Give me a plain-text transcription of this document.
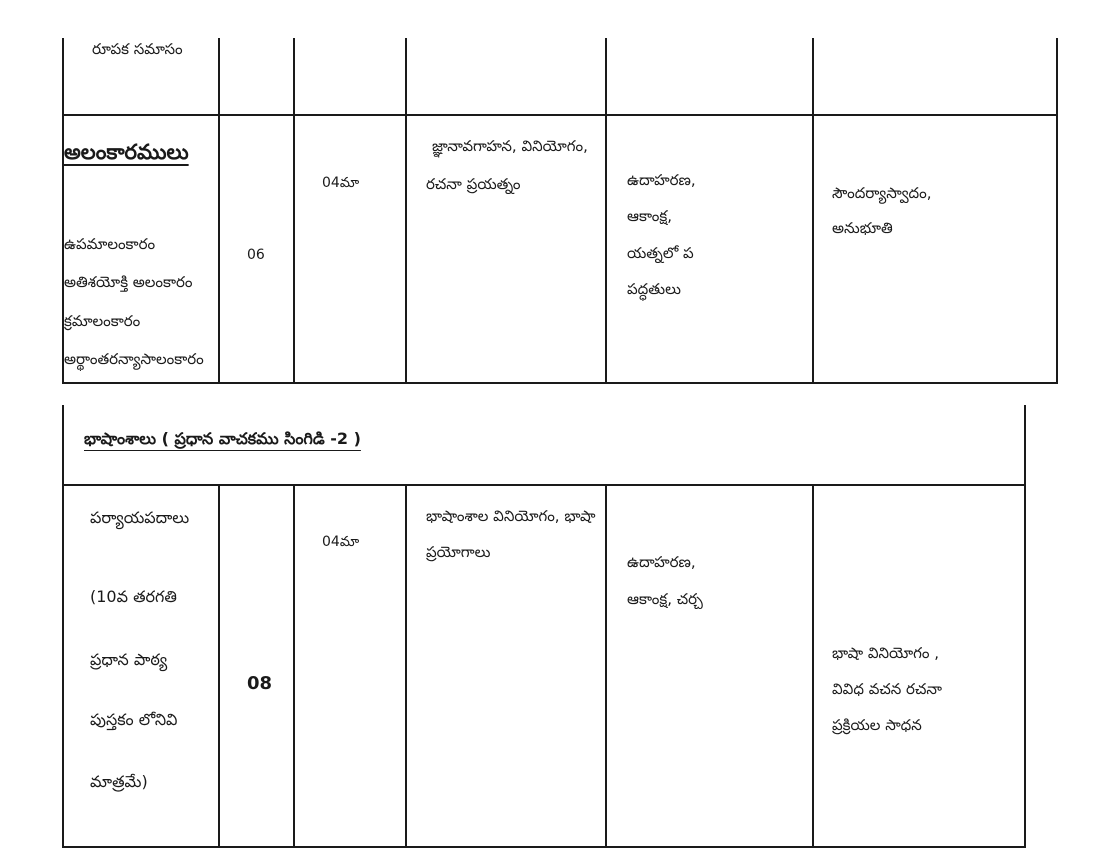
రూపక సమాసం
అలంకారములు
ఉపమాలంకారం
అతిశయోక్తి అలంకారం
క్రమాలంకారం
అర్థాంతరన్యాసాలంకారం
06
04మా
జ్ఞానావగాహన, వినియోగం,
రచనా ప్రయత్నం	ఉదాహరణ,
ఆకాంక్ష,
యత్నలో ప
పద్ధతులు
సౌందర్యాస్వాదం,
అనుభూతి
భాషాంశాలు ( ప్రధాన వాచకము సింగిడి -2 )
పర్యాయపదాలు
(10వ తరగతి
ప్రధాన పాఠ్య
పుస్తకం లోనివి
మాత్రమే)
08
04మా
భాషాంశాల వినియోగం, భాషా
ప్రయోగాలు
ఉదాహరణ,
ఆకాంక్ష, చర్చ
భాషా వినియోగం ,
వివిధ వచన రచనా
ప్రక్రియల సాధన
